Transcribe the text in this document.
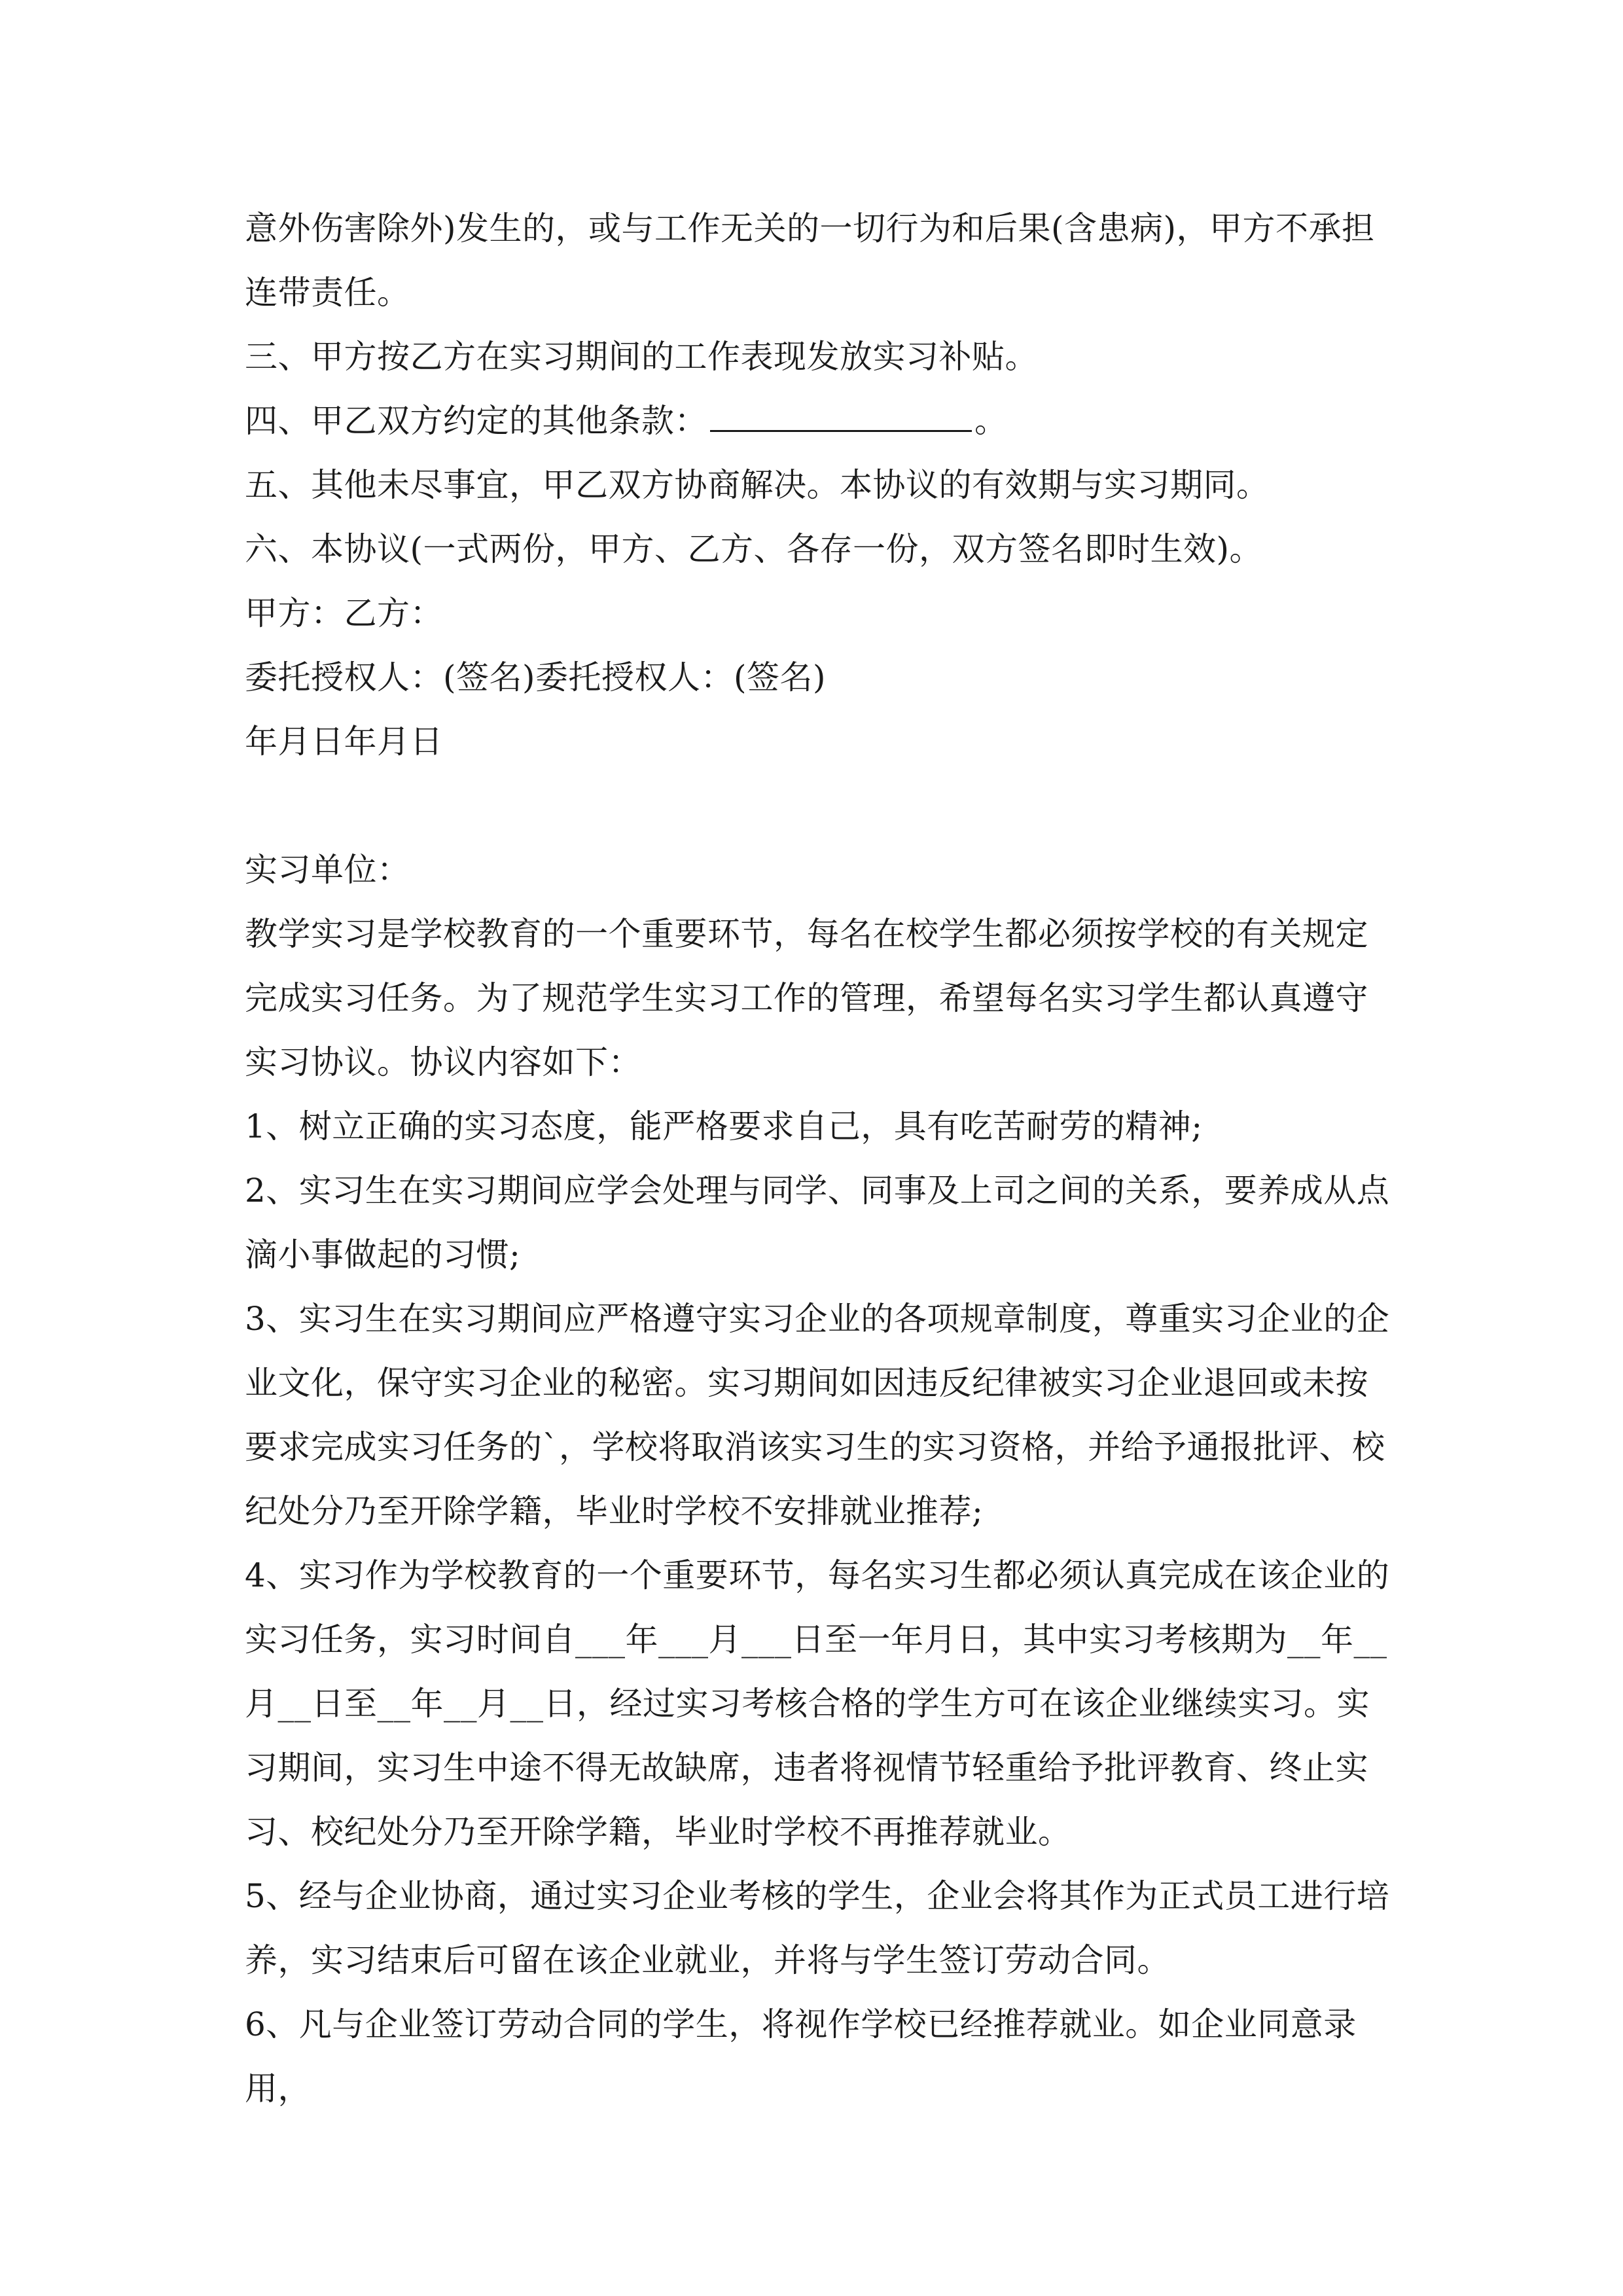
意外伤害除外)发生的，或与工作无关的一切行为和后果(含患病)，甲方不承担连带责任。

三、甲方按乙方在实习期间的工作表现发放实习补贴。

四、甲乙双方约定的其他条款：	。

五、其他未尽事宜，甲乙双方协商解决。本协议的有效期与实习期同。

六、本协议(一式两份，甲方、乙方、各存一份，双方签名即时生效)。

甲方：乙方：

委托授权人：(签名)委托授权人：(签名)

年月日年月日

实习单位：

教学实习是学校教育的一个重要环节，每名在校学生都必须按学校的有关规定完成实习任务。为了规范学生实习工作的管理，希望每名实习学生都认真遵守实习协议。协议内容如下：

1、树立正确的实习态度，能严格要求自己，具有吃苦耐劳的精神;

2、实习生在实习期间应学会处理与同学、同事及上司之间的关系，要养成从点滴小事做起的习惯;

3、实习生在实习期间应严格遵守实习企业的各项规章制度，尊重实习企业的企业文化，保守实习企业的秘密。实习期间如因违反纪律被实习企业退回或未按要求完成实习任务的`，学校将取消该实习生的实习资格，并给予通报批评、校纪处分乃至开除学籍，毕业时学校不安排就业推荐;

4、实习作为学校教育的一个重要环节，每名实习生都必须认真完成在该企业的实习任务，实习时间自___年___月___日至一年月日，其中实习考核期为__年__月__日至__年__月__日，经过实习考核合格的学生方可在该企业继续实习。实习期间，实习生中途不得无故缺席，违者将视情节轻重给予批评教育、终止实习、校纪处分乃至开除学籍，毕业时学校不再推荐就业。

5、经与企业协商，通过实习企业考核的学生，企业会将其作为正式员工进行培养，实习结束后可留在该企业就业，并将与学生签订劳动合同。

6、凡与企业签订劳动合同的学生，将视作学校已经推荐就业。如企业同意录用，
